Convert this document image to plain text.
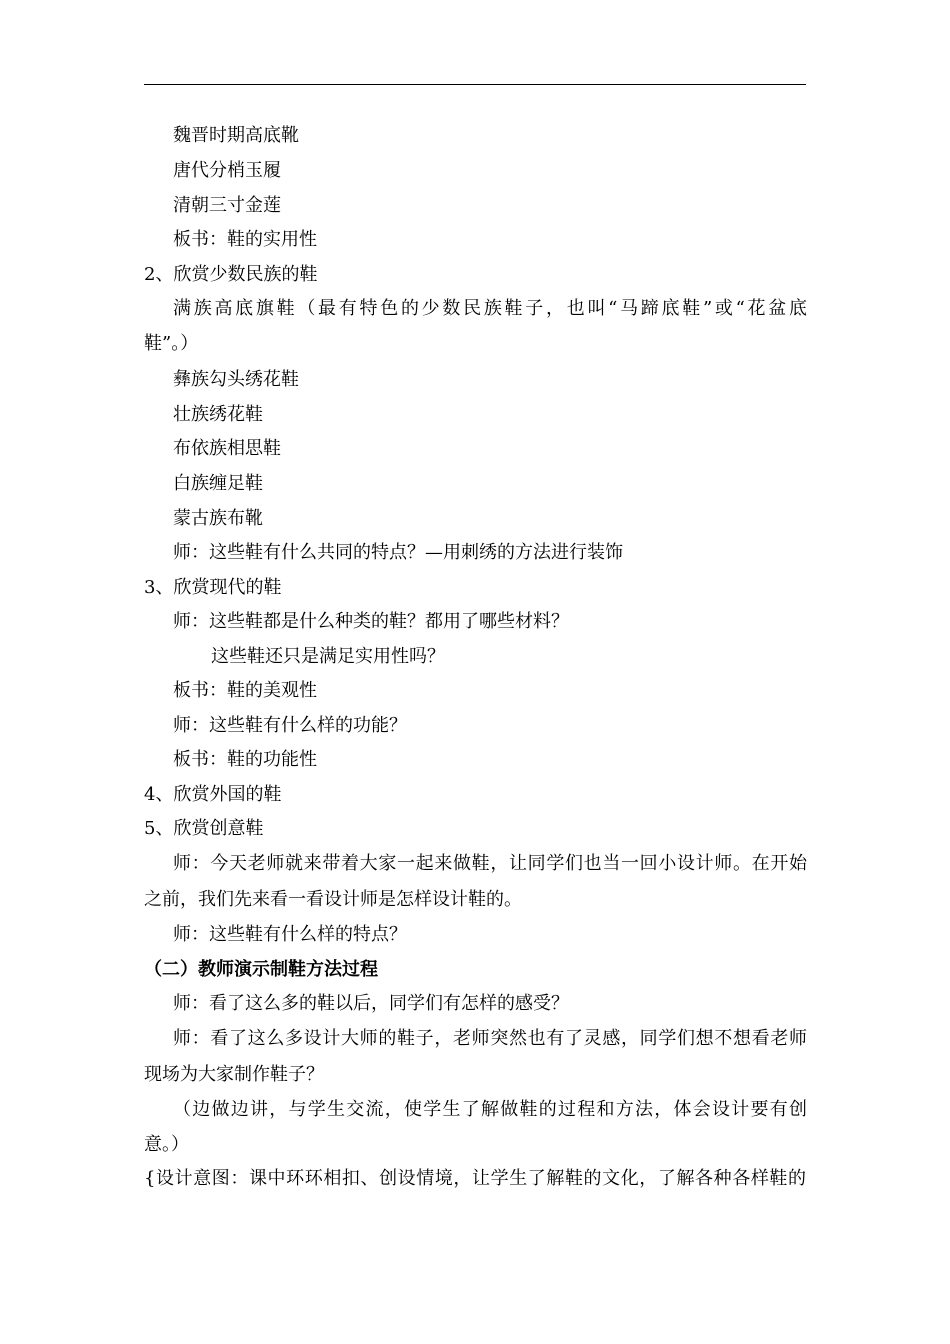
魏晋时期高底靴
唐代分梢玉履
清朝三寸金莲
板书：鞋的实用性
2、欣赏少数民族的鞋
满族高底旗鞋（最有特色的少数民族鞋子，也叫“马蹄底鞋”或“花盆底
鞋”。）
彝族勾头绣花鞋
壮族绣花鞋
布依族相思鞋
白族缠足鞋
蒙古族布靴
师：这些鞋有什么共同的特点？—用刺绣的方法进行装饰
3、欣赏现代的鞋
师：这些鞋都是什么种类的鞋？都用了哪些材料？
这些鞋还只是满足实用性吗？
板书：鞋的美观性
师：这些鞋有什么样的功能？
板书：鞋的功能性
4、欣赏外国的鞋
5、欣赏创意鞋
师：今天老师就来带着大家一起来做鞋，让同学们也当一回小设计师。在开始
之前，我们先来看一看设计师是怎样设计鞋的。
师：这些鞋有什么样的特点？
（二）教师演示制鞋方法过程
师：看了这么多的鞋以后，同学们有怎样的感受？
师：看了这么多设计大师的鞋子，老师突然也有了灵感，同学们想不想看老师
现场为大家制作鞋子？
（边做边讲，与学生交流，使学生了解做鞋的过程和方法，体会设计要有创
意。）
{设计意图：课中环环相扣、创设情境，让学生了解鞋的文化，了解各种各样鞋的
